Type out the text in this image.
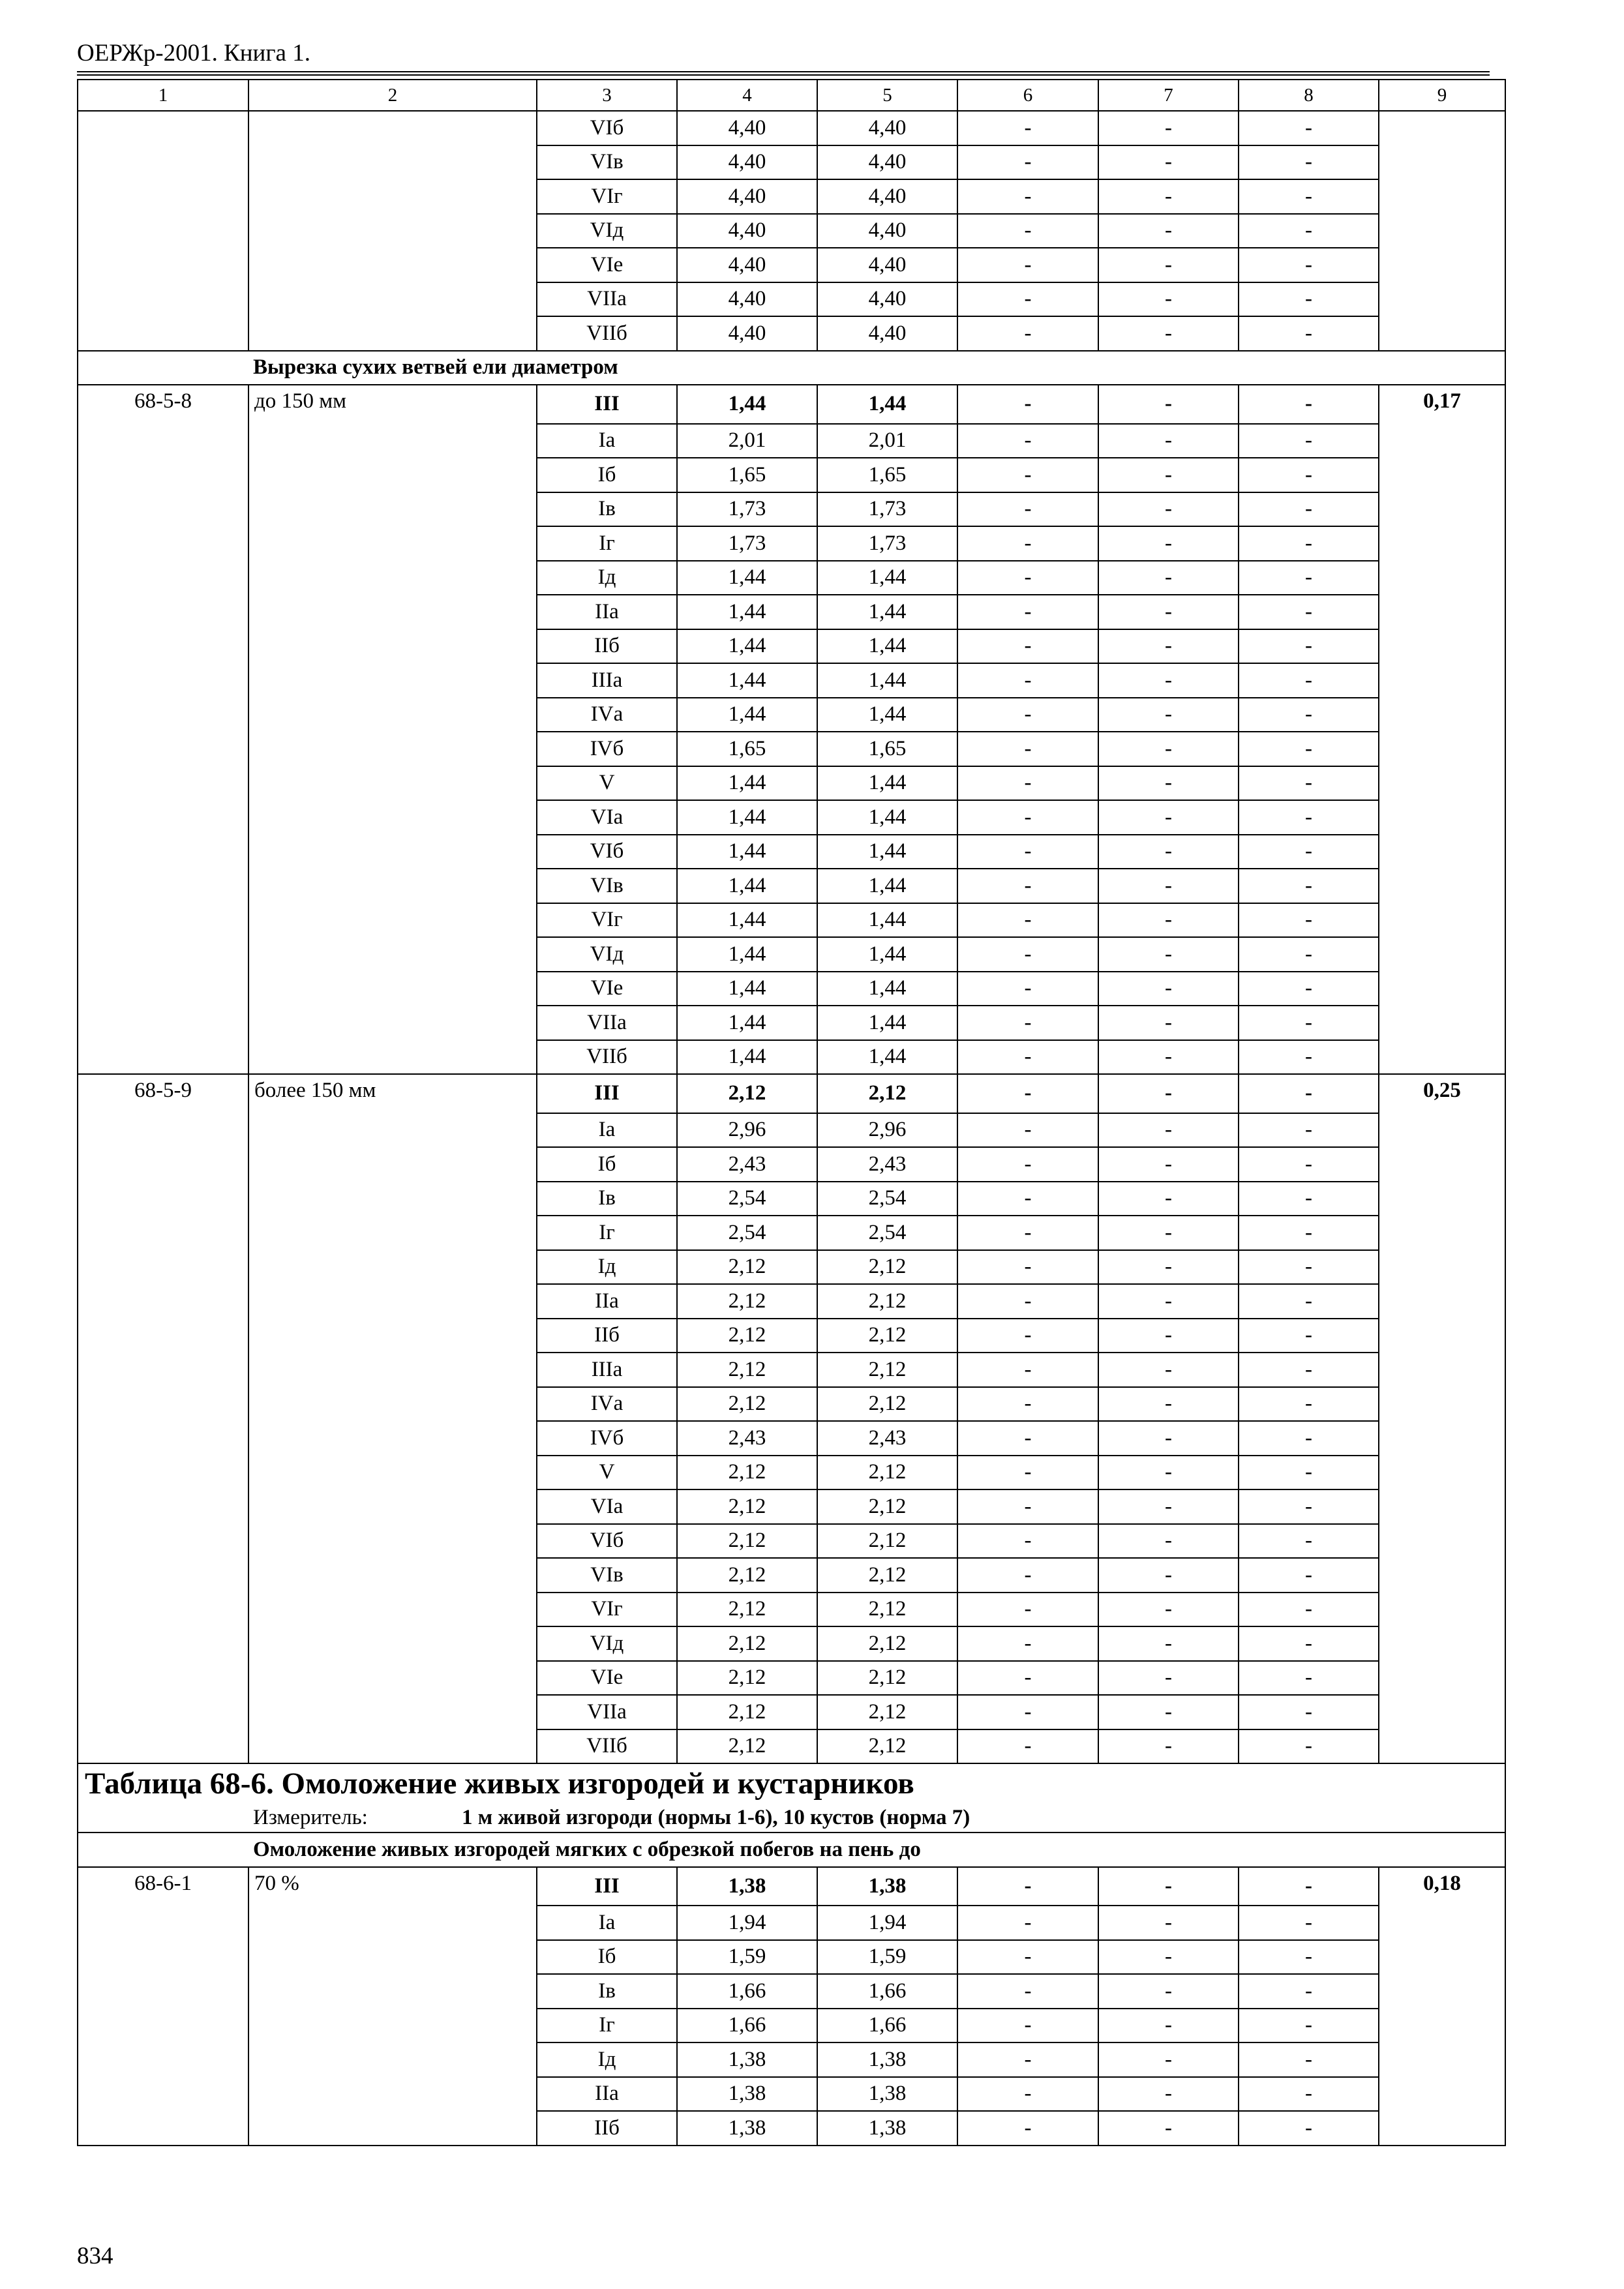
ОЕРЖр-2001. Книга 1.
1	2	3	4	5	6	7	8	9
		VIб	4,40	4,40	-	-	-	
		VIв	4,40	4,40	-	-	-	
		VIг	4,40	4,40	-	-	-	
		VIд	4,40	4,40	-	-	-	
		VIе	4,40	4,40	-	-	-	
		VIIа	4,40	4,40	-	-	-	
		VIIб	4,40	4,40	-	-	-	
Вырезка сухих ветвей ели диаметром								
68-5-8	до 150 мм	III	1,44	1,44	-	-	-	0,17
		Iа	2,01	2,01	-	-	-	
		Iб	1,65	1,65	-	-	-	
		Iв	1,73	1,73	-	-	-	
		Iг	1,73	1,73	-	-	-	
		Iд	1,44	1,44	-	-	-	
		IIа	1,44	1,44	-	-	-	
		IIб	1,44	1,44	-	-	-	
		IIIа	1,44	1,44	-	-	-	
		IVа	1,44	1,44	-	-	-	
		IVб	1,65	1,65	-	-	-	
		V	1,44	1,44	-	-	-	
		VIа	1,44	1,44	-	-	-	
		VIб	1,44	1,44	-	-	-	
		VIв	1,44	1,44	-	-	-	
		VIг	1,44	1,44	-	-	-	
		VIд	1,44	1,44	-	-	-	
		VIе	1,44	1,44	-	-	-	
		VIIа	1,44	1,44	-	-	-	
		VIIб	1,44	1,44	-	-	-	
68-5-9	более 150 мм	III	2,12	2,12	-	-	-	0,25
		Iа	2,96	2,96	-	-	-	
		Iб	2,43	2,43	-	-	-	
		Iв	2,54	2,54	-	-	-	
		Iг	2,54	2,54	-	-	-	
		Iд	2,12	2,12	-	-	-	
		IIа	2,12	2,12	-	-	-	
		IIб	2,12	2,12	-	-	-	
		IIIа	2,12	2,12	-	-	-	
		IVа	2,12	2,12	-	-	-	
		IVб	2,43	2,43	-	-	-	
		V	2,12	2,12	-	-	-	
		VIа	2,12	2,12	-	-	-	
		VIб	2,12	2,12	-	-	-	
		VIв	2,12	2,12	-	-	-	
		VIг	2,12	2,12	-	-	-	
		VIд	2,12	2,12	-	-	-	
		VIе	2,12	2,12	-	-	-	
		VIIа	2,12	2,12	-	-	-	
		VIIб	2,12	2,12	-	-	-	
Таблица 68-6. Омоложение живых изгородей и кустарников								
Измеритель: 1 м живой изгороди (нормы 1-6), 10 кустов (норма 7)								
Омоложение живых изгородей мягких с обрезкой побегов на пень до								
68-6-1	70 %	III	1,38	1,38	-	-	-	0,18
		Iа	1,94	1,94	-	-	-	
		Iб	1,59	1,59	-	-	-	
		Iв	1,66	1,66	-	-	-	
		Iг	1,66	1,66	-	-	-	
		Iд	1,38	1,38	-	-	-	
		IIа	1,38	1,38	-	-	-	
		IIб	1,38	1,38	-	-	-	
834
